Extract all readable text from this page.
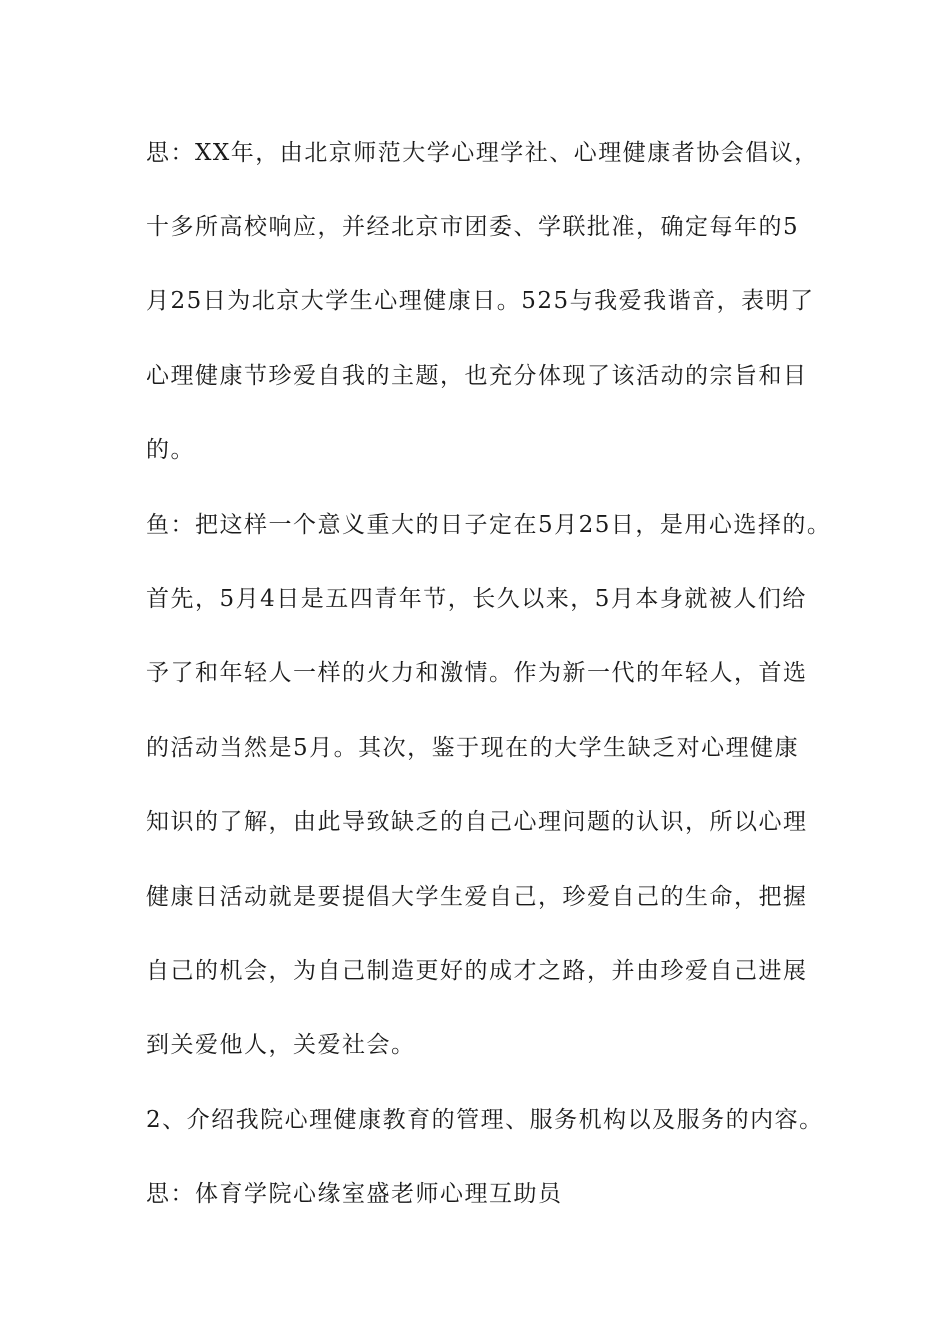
思：XX年，由北京师范大学心理学社、心理健康者协会倡议，
十多所高校响应，并经北京市团委、学联批准，确定每年的5
月25日为北京大学生心理健康日。525与我爱我谐音，表明了
心理健康节珍爱自我的主题，也充分体现了该活动的宗旨和目
的。
鱼：把这样一个意义重大的日子定在5月25日，是用心选择的。
首先，5月4日是五四青年节，长久以来，5月本身就被人们给
予了和年轻人一样的火力和激情。作为新一代的年轻人，首选
的活动当然是5月。其次，鉴于现在的大学生缺乏对心理健康
知识的了解，由此导致缺乏的自己心理问题的认识，所以心理
健康日活动就是要提倡大学生爱自己，珍爱自己的生命，把握
自己的机会，为自己制造更好的成才之路，并由珍爱自己进展
到关爱他人，关爱社会。
2、介绍我院心理健康教育的管理、服务机构以及服务的内容。
思：体育学院心缘室盛老师心理互助员
